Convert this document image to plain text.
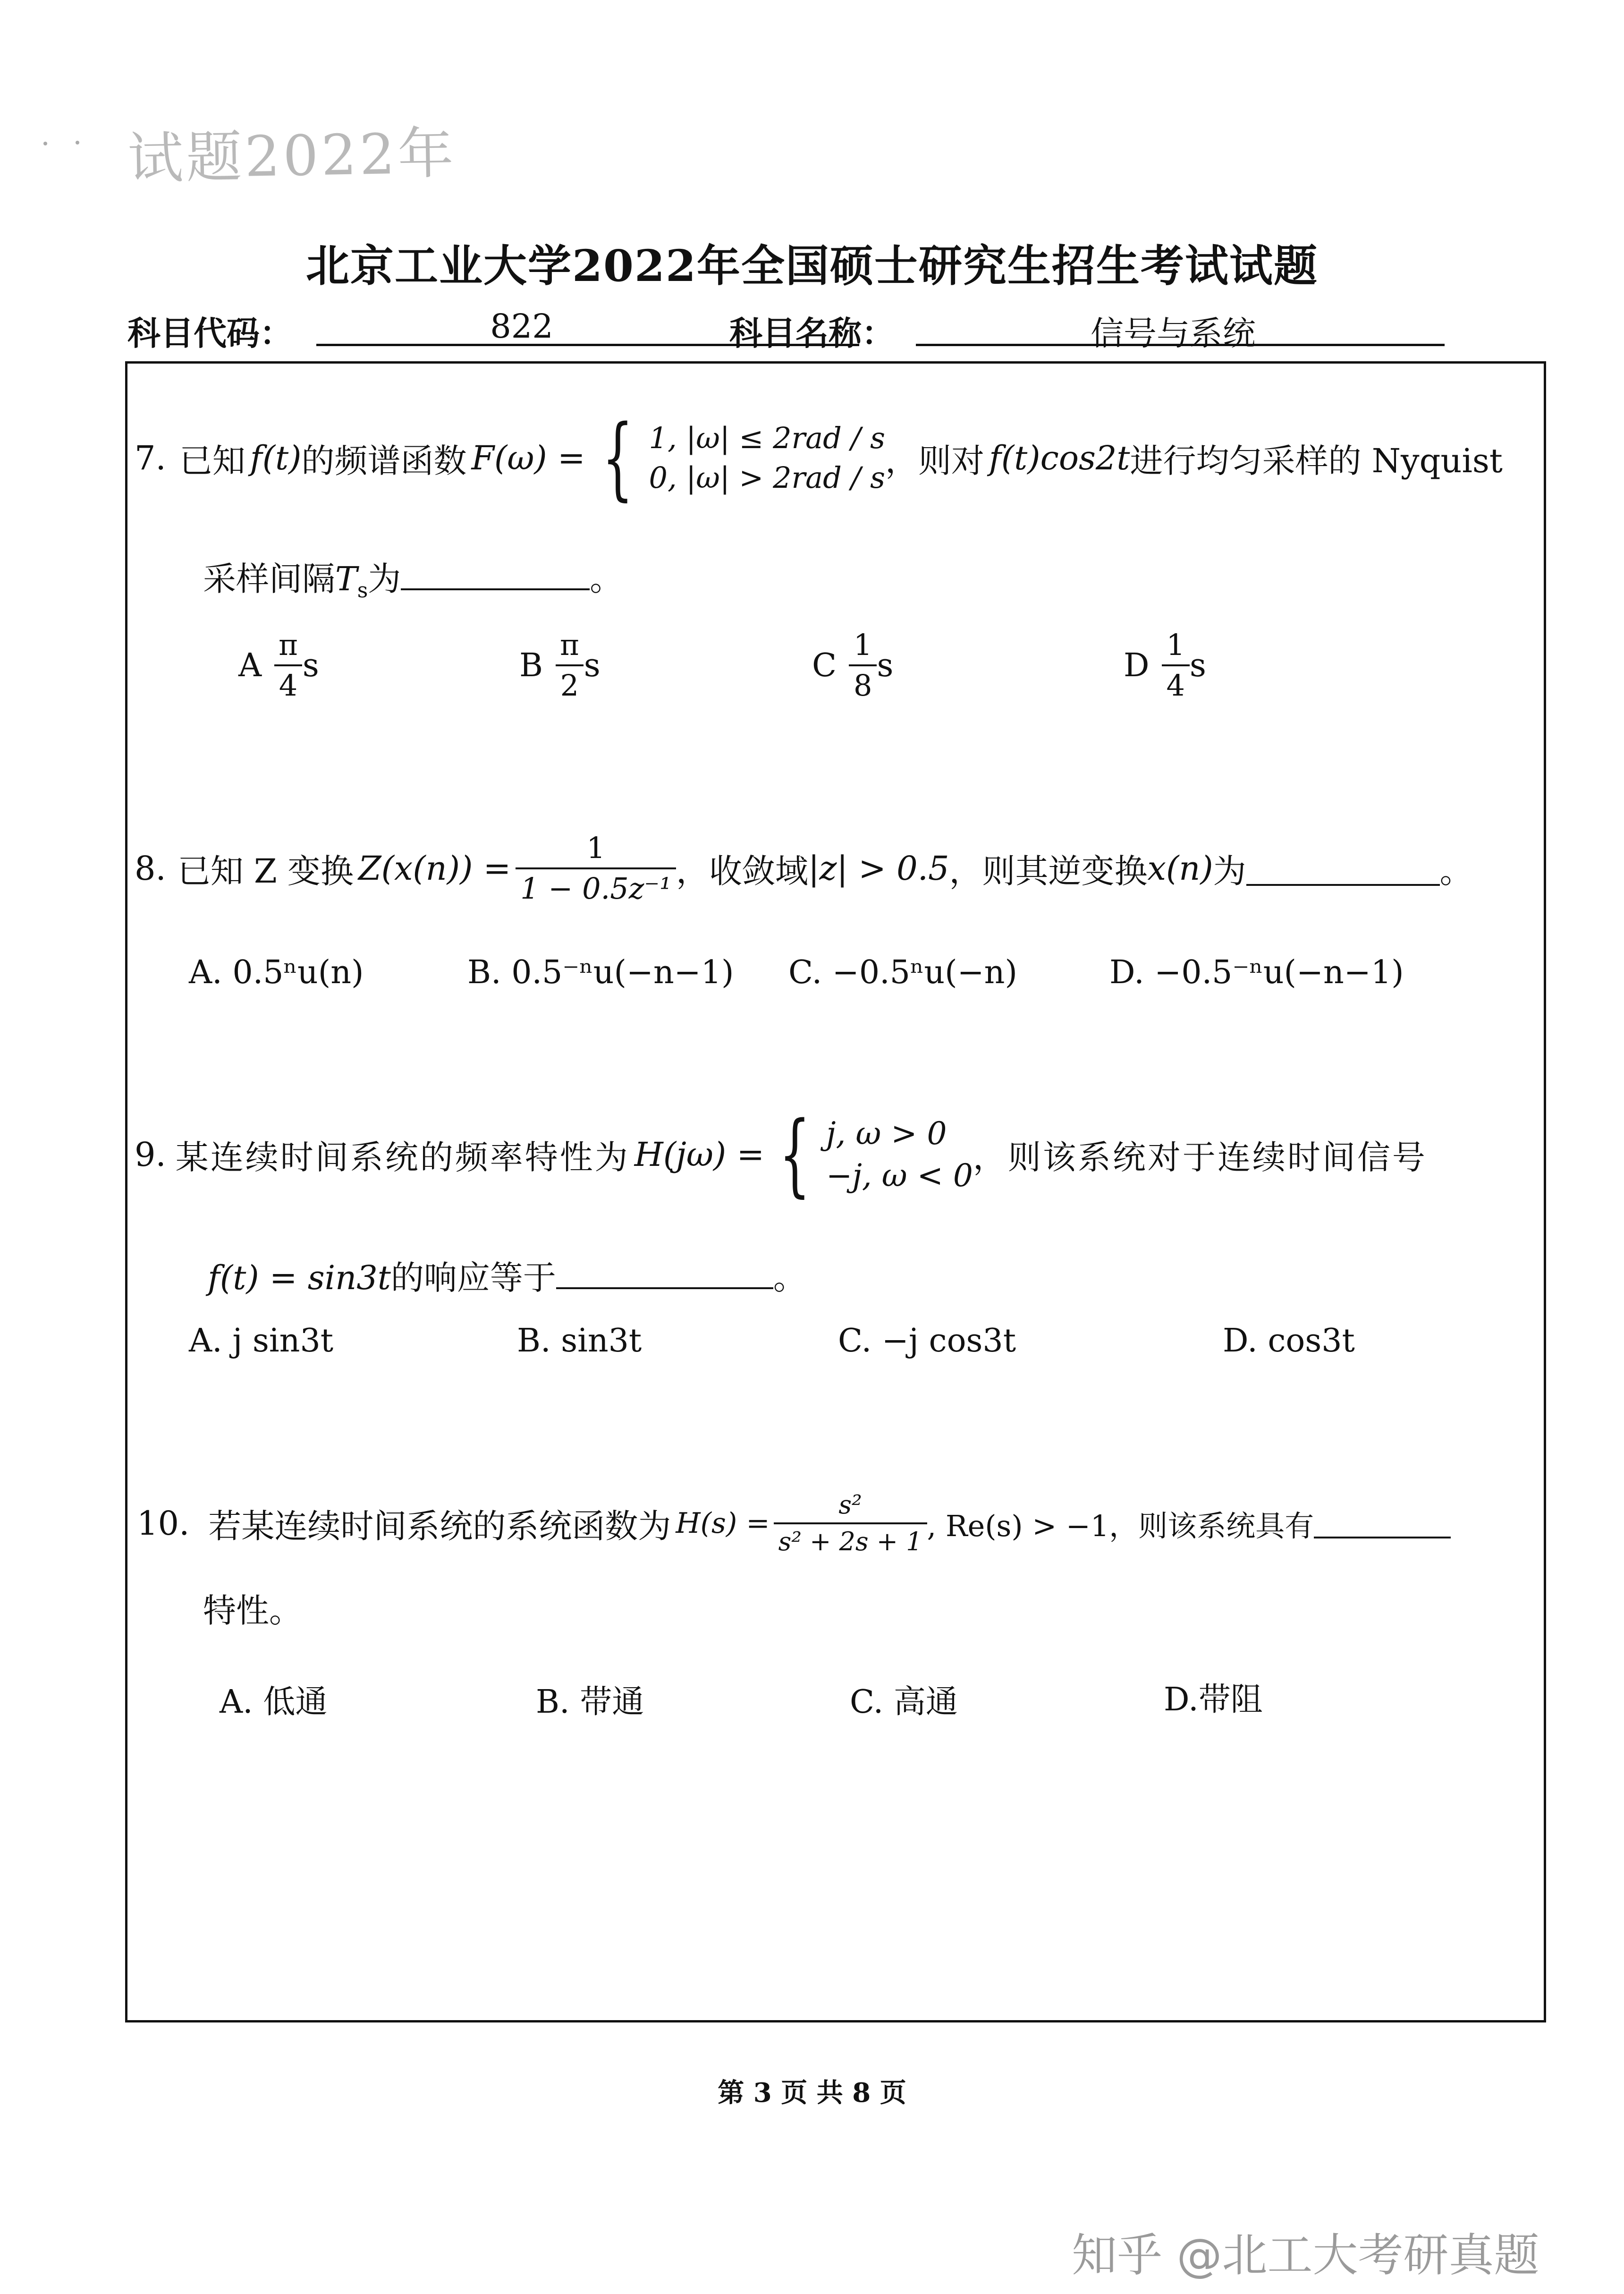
试题2022年
北京工业大学2022年全国硕士研究生招生考试试题
科目代码：	822	科目名称：	信号与系统
7. 已知 f(t) 的频谱函数 F(ω) = { 1, |ω| ≤ 2rad / s
0, |ω| > 2rad / s ，则对 f(t)cos2t 进行均匀采样的 Nyquist
采样间隔$T_s$为	。
A $\frac{\pi}{4}$ s	B $\frac{\pi}{2}$ s	C $\frac{1}{8}$ s	D $\frac{1}{4}$ s
8. 已知 Z 变换 $Z(x(n)) = \frac{1}{\text{1 − 0.5z⁻¹}}$ ，收敛域 |z| > 0.5 ，则其逆变换 x(n) 为	。
A. 0.5ⁿu(n)	B. 0.5⁻ⁿu(−n−1) C. −0.5ⁿu(−n)	D. −0.5⁻ⁿu(−n−1)
9. 某连续时间系统的频率特性为 H(jω) = { j, ω > 0
−j, ω < 0 ，则该系统对于连续时间信号
f(t) = sin3t的响应等于	。
A. j sin3t	B. sin3t	C. −j cos3t	D. cos3t
10. 若某连续时间系统的系统函数为 $H(s) = \frac{\text{s²}}{\text{s² + 2s + 1}}$ , Re(s) > −1，则该系统具有
特性。
A. 低通	B. 带通	C. 高通	D.带阻
第 3 页 共 8 页
知乎 @北工大考研真题
